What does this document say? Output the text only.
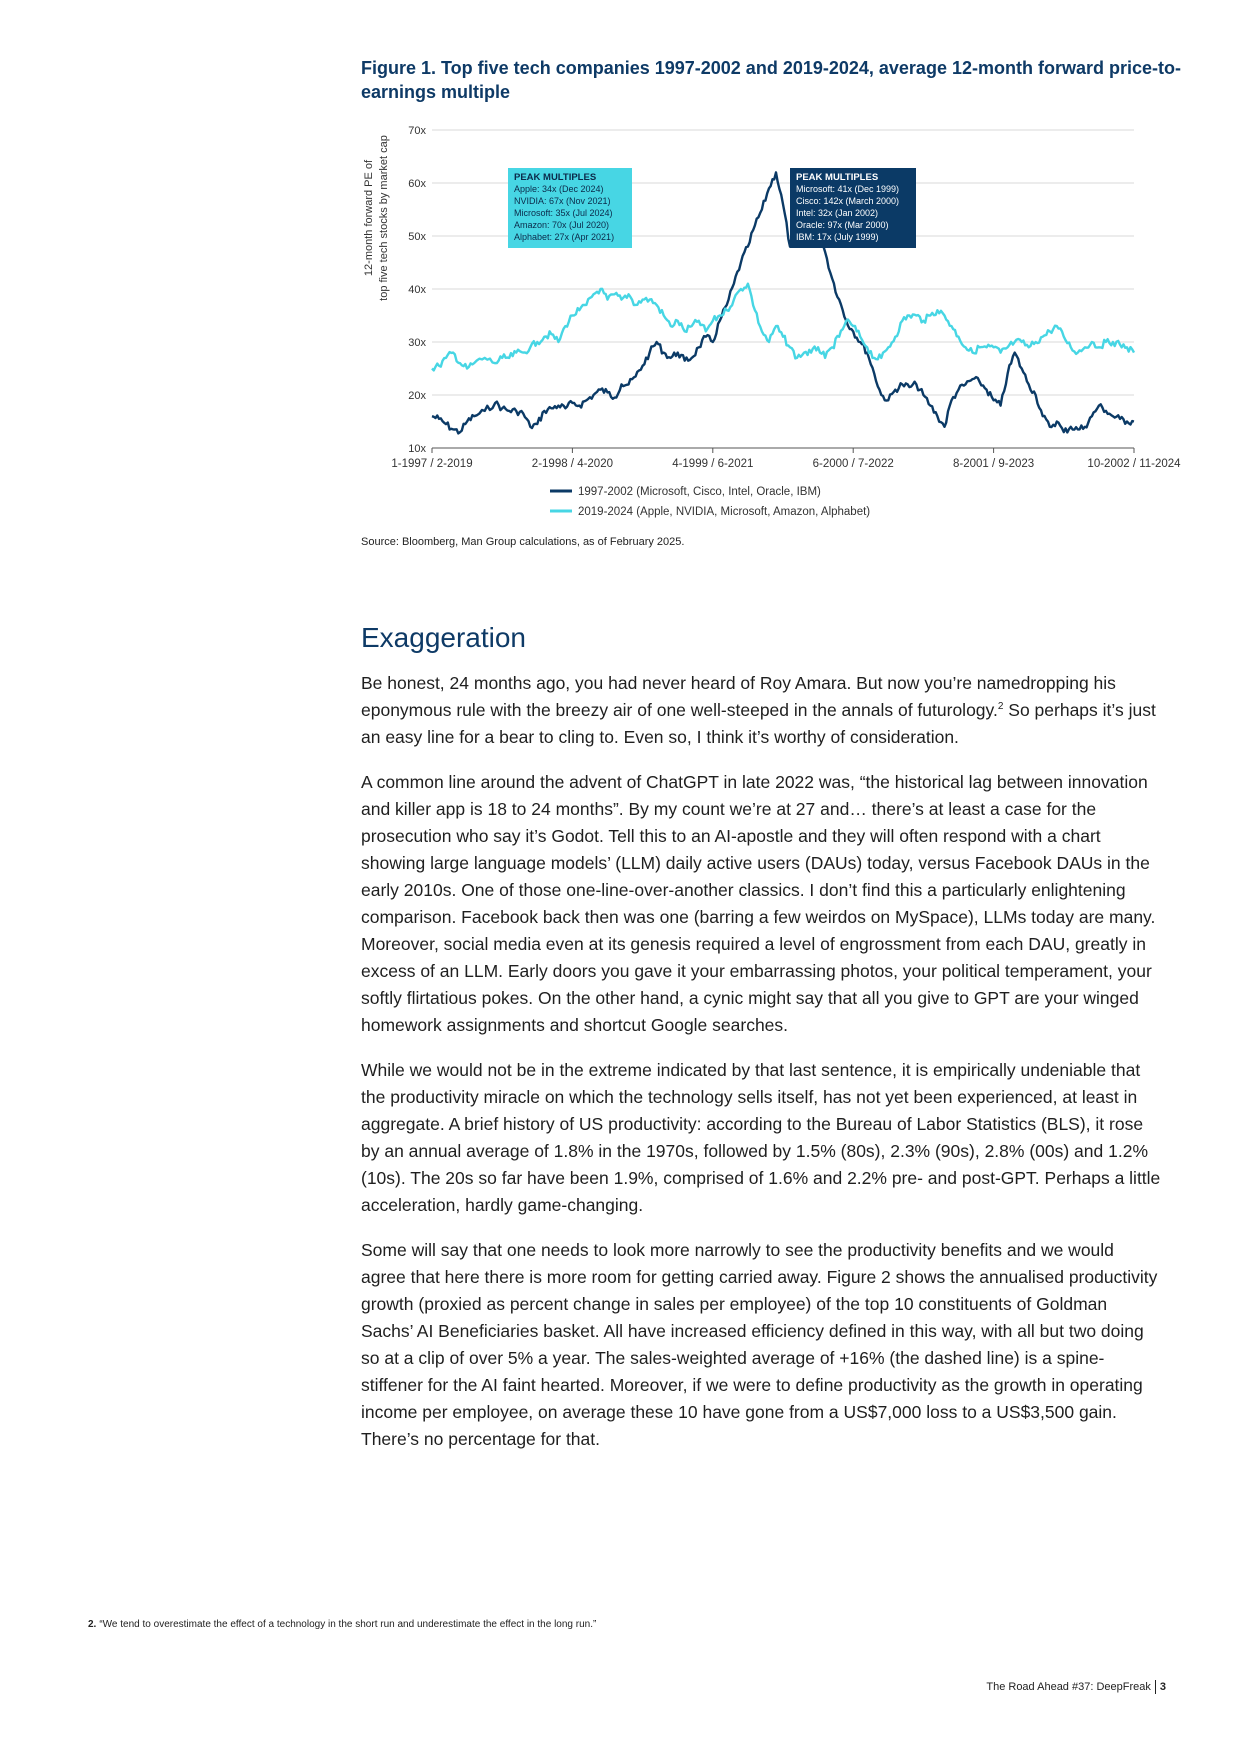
Figure 1. Top five tech companies 1997-2002 and 2019-2024, average 12-month forward price-to-earnings multiple
12-month forward PE of top five tech stocks by market cap
10x
20x
30x
40x
50x
60x
70x
1-1997 / 2-2019	2-1998 / 4-2020	4-1999 / 6-2021	6-2000 / 7-2022	8-2001 / 9-2023	10-2002 / 11-2024
PEAK MULTIPLES
Apple: 34x (Dec 2024)
NVIDIA: 67x (Nov 2021)
Microsoft: 35x (Jul 2024)
Amazon: 70x (Jul 2020)
Alphabet: 27x (Apr 2021)
PEAK MULTIPLES
Microsoft: 41x (Dec 1999)
Cisco: 142x (March 2000)
Intel: 32x (Jan 2002)
Oracle: 97x (Mar 2000)
IBM: 17x (July 1999)
1997-2002 (Microsoft, Cisco, Intel, Oracle, IBM)
2019-2024 (Apple, NVIDIA, Microsoft, Amazon, Alphabet)
Source: Bloomberg, Man Group calculations, as of February 2025.
Exaggeration

Be honest, 24 months ago, you had never heard of Roy Amara. But now you’re namedropping his eponymous rule with the breezy air of one well-steeped in the annals of futurology.$^2$ So perhaps it’s just an easy line for a bear to cling to. Even so, I think it’s worthy of consideration.

A common line around the advent of ChatGPT in late 2022 was, “the historical lag between innovation and killer app is 18 to 24 months”. By my count we’re at 27 and… there’s at least a case for the prosecution who say it’s Godot. Tell this to an AI-apostle and they will often respond with a chart showing large language models’ (LLM) daily active users (DAUs) today, versus Facebook DAUs in the early 2010s. One of those one-line-over-another classics. I don’t find this a particularly enlightening comparison. Facebook back then was one (barring a few weirdos on MySpace), LLMs today are many. Moreover, social media even at its genesis required a level of engrossment from each DAU, greatly in excess of an LLM. Early doors you gave it your embarrassing photos, your political temperament, your softly flirtatious pokes. On the other hand, a cynic might say that all you give to GPT are your winged homework assignments and shortcut Google searches.

While we would not be in the extreme indicated by that last sentence, it is empirically undeniable that the productivity miracle on which the technology sells itself, has not yet been experienced, at least in aggregate. A brief history of US productivity: according to the Bureau of Labor Statistics (BLS), it rose by an annual average of 1.8% in the 1970s, followed by 1.5% (80s), 2.3% (90s), 2.8% (00s) and 1.2% (10s). The 20s so far have been 1.9%, comprised of 1.6% and 2.2% pre- and post-GPT. Perhaps a little acceleration, hardly game-changing.

Some will say that one needs to look more narrowly to see the productivity benefits and we would agree that here there is more room for getting carried away. Figure 2 shows the annualised productivity growth (proxied as percent change in sales per employee) of the top 10 constituents of Goldman Sachs’ AI Beneficiaries basket. All have increased efficiency defined in this way, with all but two doing so at a clip of over 5% a year. The sales-weighted average of +16% (the dashed line) is a spine-stiffener for the AI faint hearted. Moreover, if we were to define productivity as the growth in operating income per employee, on average these 10 have gone from a US$7,000 loss to a US$3,500 gain. There’s no percentage for that.

2. “We tend to overestimate the effect of a technology in the short run and underestimate the effect in the long run.”
The Road Ahead #37: DeepFreak 3
